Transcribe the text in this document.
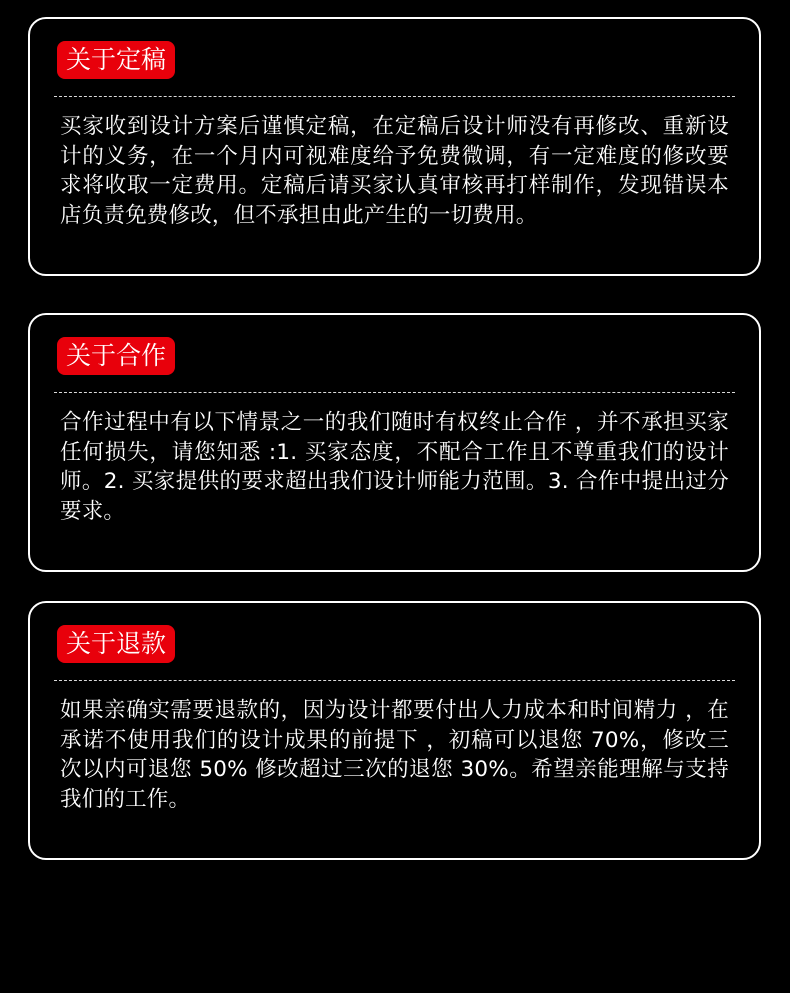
关于定稿
买家收到设计方案后谨慎定稿，在定稿后设计师没有再修改、重新设计的义务，在一个月内可视难度给予免费微调，有一定难度的修改要求将收取一定费用。定稿后请买家认真审核再打样制作，发现错误本店负责免费修改，但不承担由此产生的一切费用。
关于合作
合作过程中有以下情景之一的我们随时有权终止合作 ，并不承担买家任何损失，请您知悉 :1. 买家态度，不配合工作且不尊重我们的设计师。2. 买家提供的要求超出我们设计师能力范围。3. 合作中提出过分要求。
关于退款
如果亲确实需要退款的，因为设计都要付出人力成本和时间精力 ，在承诺不使用我们的设计成果的前提下 ，初稿可以退您 70%，修改三次以内可退您 50% 修改超过三次的退您 30%。希望亲能理解与支持我们的工作。
